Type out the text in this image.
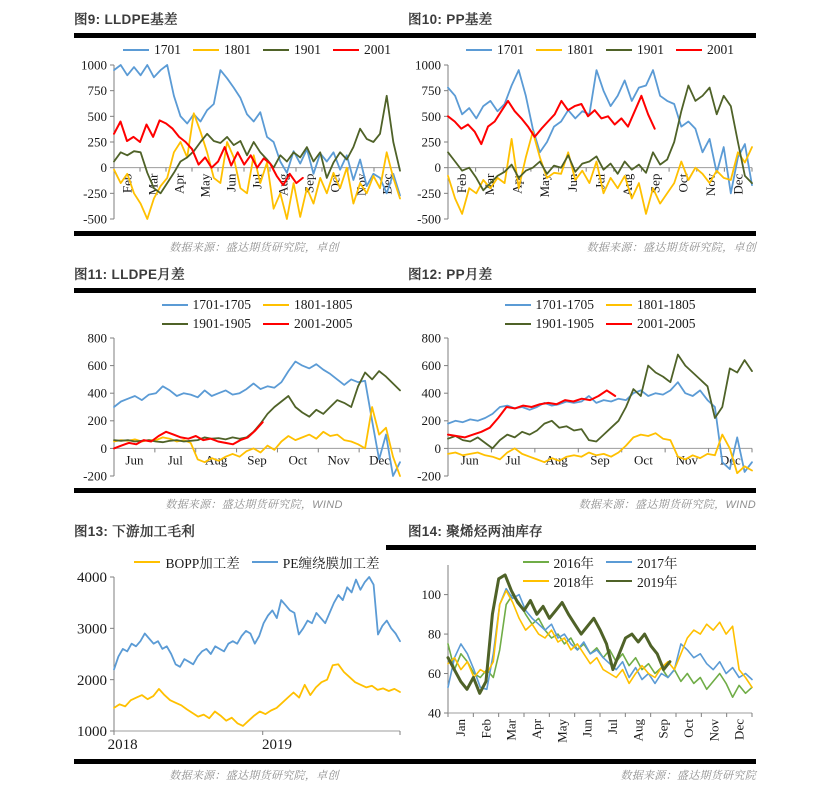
图9: LLDPE基差	图10: PP基差
1000
750
500
250
0
-250
-500
Feb Mar Apr May Jun Jul Aug Sep Oct Nov Dec
1701	1801	1901	2001
1000
750
500
250
0
-250
-500
Feb Mar Apr May Jun Jul Aug Sep Oct Nov Dec
1701	1801	1901	2001
数据来源：盛达期货研究院，卓创	数据来源：盛达期货研究院，卓创
图11: LLDPE月差	图12: PP月差
800
600
400
200
0
-200
Jun Jul Aug Sep Oct Nov Dec
1701-1705	1801-1805
1901-1905	2001-2005
800
600
400
200
0
-200
Jun Jul Aug Sep Oct Nov Dec
1701-1705	1801-1805
1901-1905	2001-2005
数据来源：盛达期货研究院，WIND	数据来源：盛达期货研究院，WIND
图13: 下游加工毛利	图14: 聚烯烃两油库存
4000
3000
2000
1000
2018	2019
BOPP加工差	PE缠绕膜加工差
100
80
60
40
Jan Feb Mar Apr May Jun Jul Aug Sep Oct Nov Dec
2016年	2017年
2018年	2019年
数据来源：盛达期货研究院，卓创	数据来源：盛达期货研究院
